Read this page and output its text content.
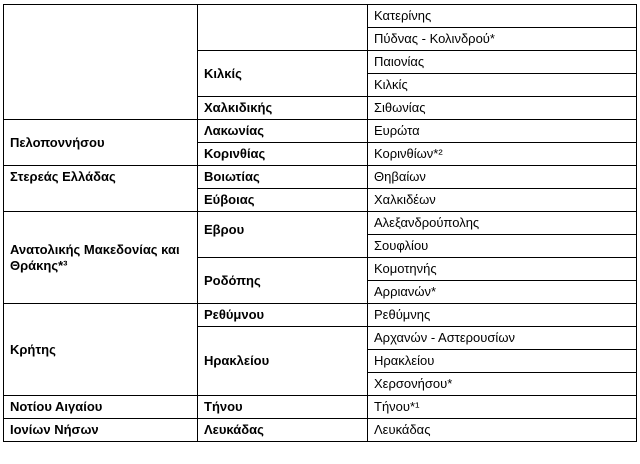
		Κατερίνης
		Πύδνας - Κολινδρού*
	Κιλκίς	Παιονίας
		Κιλκίς
	Χαλκιδικής	Σιθωνίας
Πελοποννήσου	Λακωνίας	Ευρώτα
	Κορινθίας	Κορινθίων*²
Στερεάς Ελλάδας	Βοιωτίας	Θηβαίων
	Εύβοιας	Χαλκιδέων
Ανατολικής Μακεδονίας και Θράκης*³	Εβρου	Αλεξανδρούπολης
		Σουφλίου
	Ροδόπης	Κομοτηνής
		Αρριανών*
Κρήτης	Ρεθύμνου	Ρεθύμνης
	Ηρακλείου	Αρχανών - Αστερουσίων
		Ηρακλείου
		Χερσονήσου*
Νοτίου Αιγαίου	Τήνου	Τήνου*¹
Ιονίων Νήσων	Λευκάδας	Λευκάδας
